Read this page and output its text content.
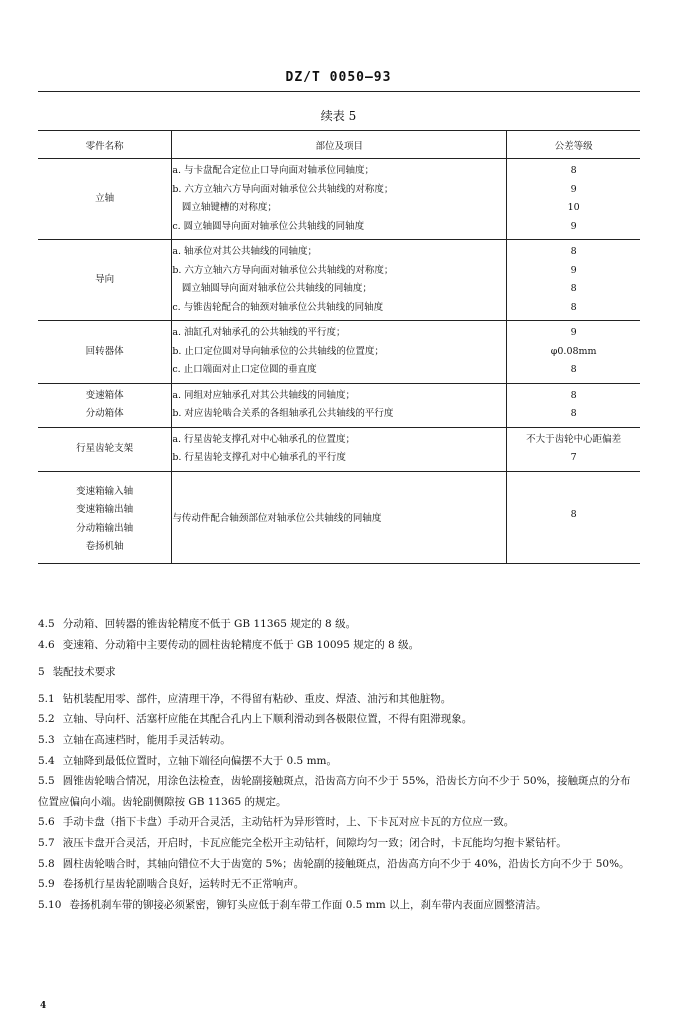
DZ/T 0050—93
续表 5
零件名称	部位及项目	公差等级

立轴	a. 与卡盘配合定位止口导向面对轴承位同轴度；
b. 六方立轴六方导向面对轴承位公共轴线的对称度；
　圆立轴键槽的对称度；
c. 圆立轴圆导向面对轴承位公共轴线的同轴度	8
9
10
9

导向	a. 轴承位对其公共轴线的同轴度；
b. 六方立轴六方导向面对轴承位公共轴线的对称度；
　圆立轴圆导向面对轴承位公共轴线的同轴度；
c. 与锥齿轮配合的轴颈对轴承位公共轴线的同轴度	8
9
8
8

回转器体	a. 油缸孔对轴承孔的公共轴线的平行度；
b. 止口定位圆对导向轴承位的公共轴线的位置度；
c. 止口端面对止口定位圆的垂直度	9
φ0.08mm
8

变速箱体
分动箱体	a. 同组对应轴承孔对其公共轴线的同轴度；
b. 对应齿轮啮合关系的各组轴承孔公共轴线的平行度	8
8

行星齿轮支架	a. 行星齿轮支撑孔对中心轴承孔的位置度；
b. 行星齿轮支撑孔对中心轴承孔的平行度	不大于齿轮中心距偏差
7

变速箱输入轴
变速箱输出轴
分动箱输出轴
卷扬机轴	与传动件配合轴颈部位对轴承位公共轴线的同轴度	8

4.5 分动箱、回转器的锥齿轮精度不低于 GB 11365 规定的 8 级。

4.6 变速箱、分动箱中主要传动的圆柱齿轮精度不低于 GB 10095 规定的 8 级。

5 装配技术要求

5.1 钻机装配用零、部件，应清理干净，不得留有粘砂、重皮、焊渣、油污和其他脏物。

5.2 立轴、导向杆、活塞杆应能在其配合孔内上下顺利滑动到各极限位置，不得有阻滞现象。

5.3 立轴在高速档时，能用手灵活转动。

5.4 立轴降到最低位置时，立轴下端径向偏摆不大于 0.5 mm。

5.5 圆锥齿轮啮合情况，用涂色法检查，齿轮副接触斑点，沿齿高方向不少于 55%，沿齿长方向不少于 50%，接触斑点的分布位置应偏向小端。齿轮副侧隙按 GB 11365 的规定。

5.6 手动卡盘（指下卡盘）手动开合灵活，主动钻杆为异形管时，上、下卡瓦对应卡瓦的方位应一致。

5.7 液压卡盘开合灵活，开启时，卡瓦应能完全松开主动钻杆，间隙均匀一致；闭合时，卡瓦能均匀抱卡紧钻杆。

5.8 圆柱齿轮啮合时，其轴向错位不大于齿宽的 5%；齿轮副的接触斑点，沿齿高方向不少于 40%，沿齿长方向不少于 50%。

5.9 卷扬机行星齿轮副啮合良好，运转时无不正常响声。

5.10 卷扬机刹车带的铆接必须紧密，铆钉头应低于刹车带工作面 0.5 mm 以上，刹车带内表面应圆整清洁。

4
